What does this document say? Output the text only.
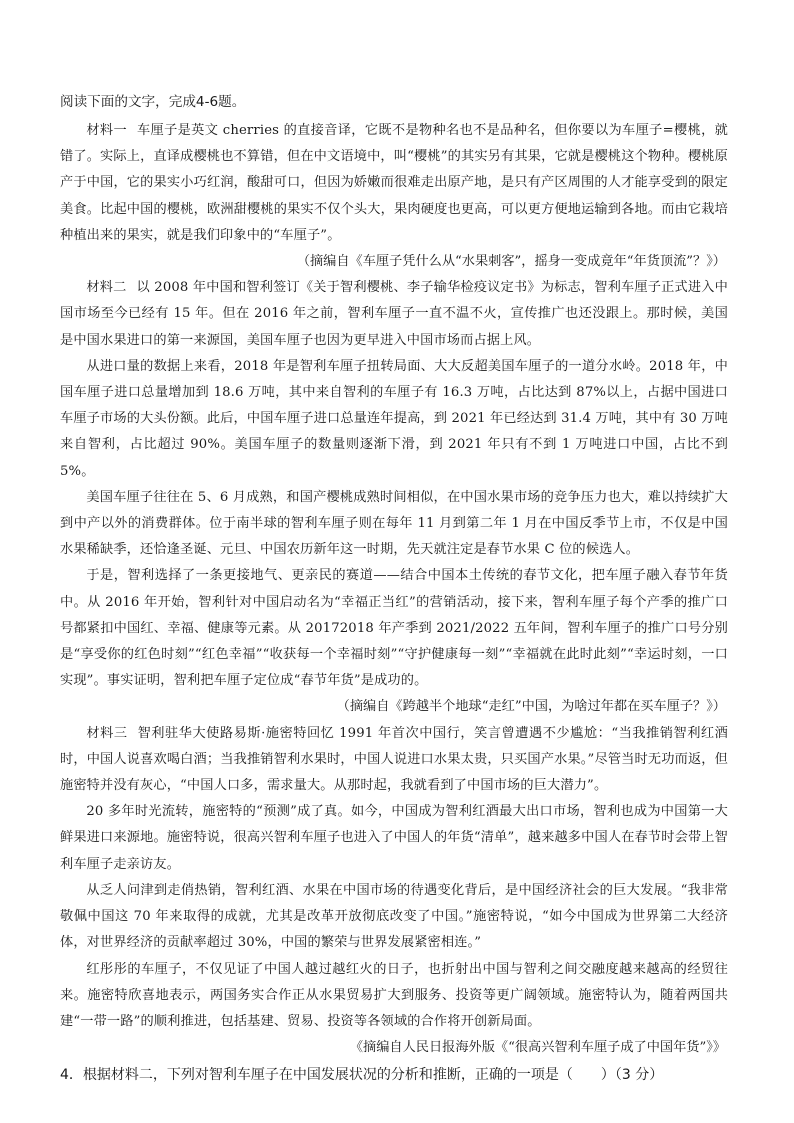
阅读下面的文字，完成4-6题。

材料一 车厘子是英文 cherries 的直接音译，它既不是物种名也不是品种名，但你要以为车厘子=樱桃，就错了。实际上，直译成樱桃也不算错，但在中文语境中，叫“樱桃”的其实另有其果，它就是樱桃这个物种。樱桃原产于中国，它的果实小巧红润，酸甜可口，但因为娇嫩而很难走出原产地，是只有产区周围的人才能享受到的限定美食。比起中国的樱桃，欧洲甜樱桃的果实不仅个头大，果肉硬度也更高，可以更方便地运输到各地。而由它栽培种植出来的果实，就是我们印象中的“车厘子”。

（摘编自《车厘子凭什么从“水果刺客”，摇身一变成竟年“年货顶流”？》）

材料二 以 2008 年中国和智利签订《关于智利樱桃、李子输华检疫议定书》为标志，智利车厘子正式进入中国市场至今已经有 15 年。但在 2016 年之前，智利车厘子一直不温不火，宣传推广也还没跟上。那时候，美国是中国水果进口的第一来源国，美国车厘子也因为更早进入中国市场而占据上风。

从进口量的数据上来看，2018 年是智利车厘子扭转局面、大大反超美国车厘子的一道分水岭。2018 年，中国车厘子进口总量增加到 18.6 万吨，其中来自智利的车厘子有 16.3 万吨，占比达到 87%以上，占据中国进口车厘子市场的大头份额。此后，中国车厘子进口总量连年提高，到 2021 年已经达到 31.4 万吨，其中有 30 万吨来自智利，占比超过 90%。美国车厘子的数量则逐渐下滑，到 2021 年只有不到 1 万吨进口中国，占比不到 5%。

美国车厘子往往在 5、6 月成熟，和国产樱桃成熟时间相似，在中国水果市场的竞争压力也大，难以持续扩大到中产以外的消费群体。位于南半球的智利车厘子则在每年 11 月到第二年 1 月在中国反季节上市，不仅是中国水果稀缺季，还恰逢圣诞、元旦、中国农历新年这一时期，先天就注定是春节水果 C 位的候选人。

于是，智利选择了一条更接地气、更亲民的赛道——结合中国本土传统的春节文化，把车厘子融入春节年货中。从 2016 年开始，智利针对中国启动名为“幸福正当红”的营销活动，接下来，智利车厘子每个产季的推广口号都紧扣中国红、幸福、健康等元素。从 20172018 年产季到 2021/2022 五年间，智利车厘子的推广口号分别是“享受你的红色时刻”“红色幸福”“收获每一个幸福时刻”“守护健康每一刻”“幸福就在此时此刻”“幸运时刻，一口实现”。事实证明，智利把车厘子定位成“春节年货”是成功的。

（摘编自《跨越半个地球“走红”中国，为啥过年都在买车厘子？》）

材料三 智利驻华大使路易斯·施密特回忆 1991 年首次中国行，笑言曾遭遇不少尴尬：“当我推销智利红酒时，中国人说喜欢喝白酒；当我推销智利水果时，中国人说进口水果太贵，只买国产水果。”尽管当时无功而返，但施密特并没有灰心，“中国人口多，需求量大。从那时起，我就看到了中国市场的巨大潜力”。

20 多年时光流转，施密特的“预测”成了真。如今，中国成为智利红酒最大出口市场，智利也成为中国第一大鲜果进口来源地。施密特说，很高兴智利车厘子也进入了中国人的年货“清单”，越来越多中国人在春节时会带上智利车厘子走亲访友。

从乏人问津到走俏热销，智利红酒、水果在中国市场的待遇变化背后，是中国经济社会的巨大发展。“我非常敬佩中国这 70 年来取得的成就，尤其是改革开放彻底改变了中国。”施密特说，“如今中国成为世界第二大经济体，对世界经济的贡献率超过 30%，中国的繁荣与世界发展紧密相连。”

红彤彤的车厘子，不仅见证了中国人越过越红火的日子，也折射出中国与智利之间交融度越来越高的经贸往来。施密特欣喜地表示，两国务实合作正从水果贸易扩大到服务、投资等更广阔领域。施密特认为，随着两国共建“一带一路”的顺利推进，包括基建、贸易、投资等各领域的合作将开创新局面。

《摘编自人民日报海外版《“很高兴智利车厘子成了中国年货”》》

4．根据材料二，下列对智利车厘子在中国发展状况的分析和推断，正确的一项是（　　）（3 分）
